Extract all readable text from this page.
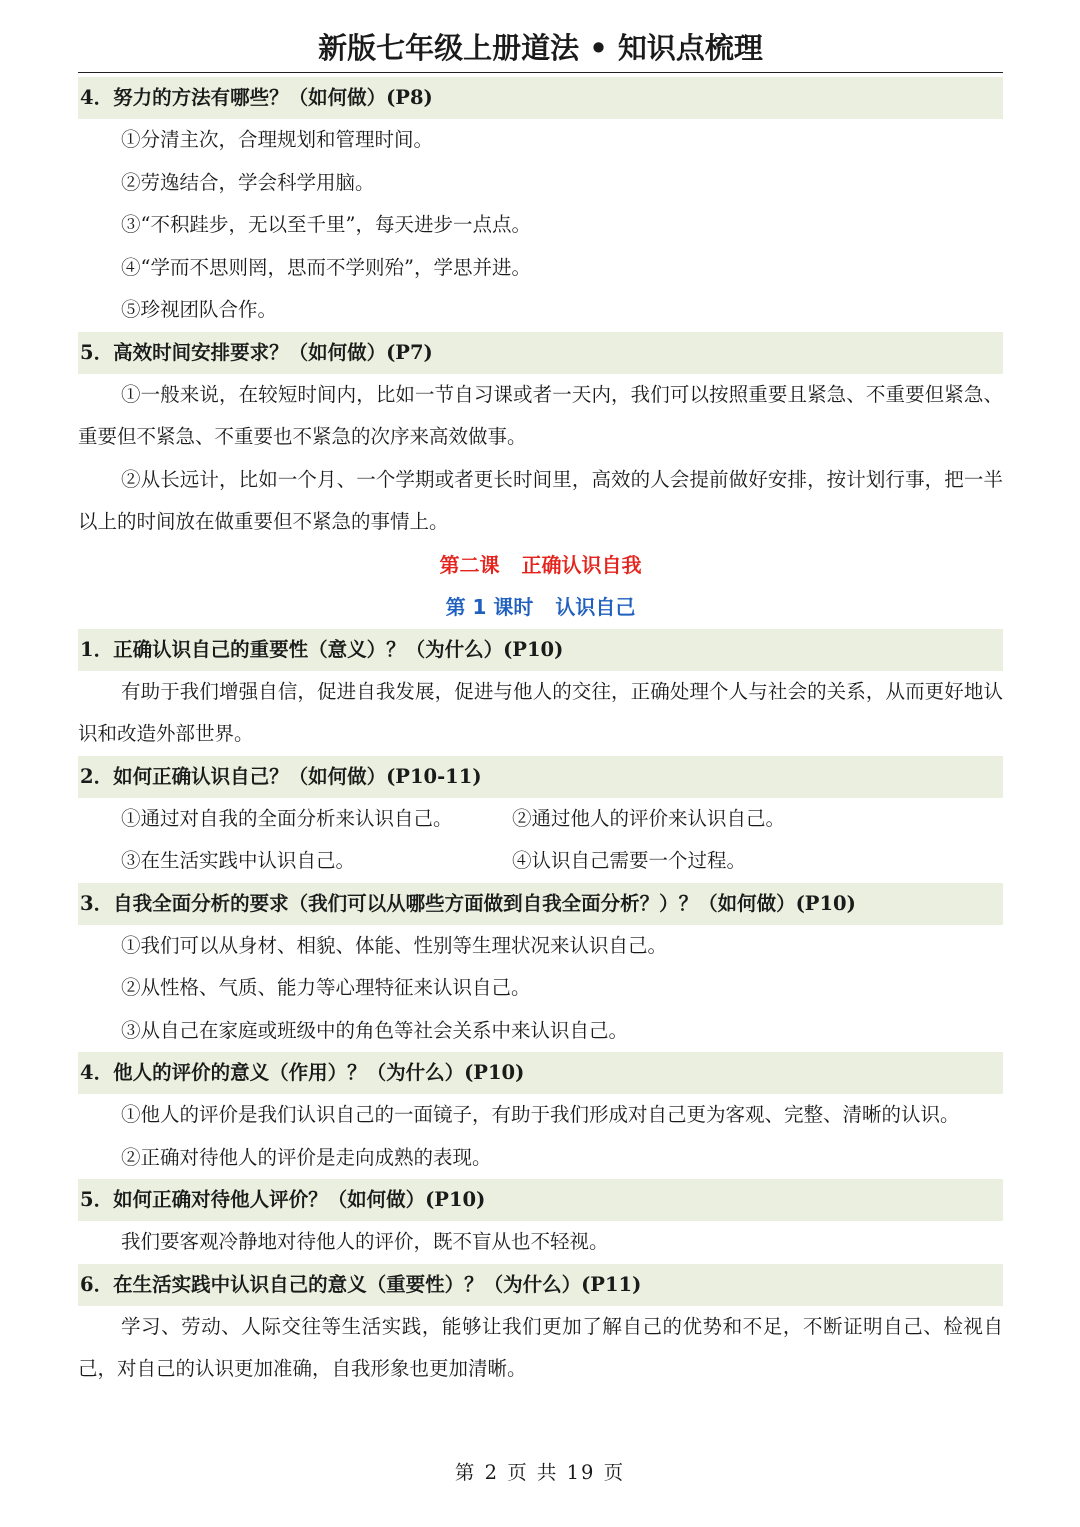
新版七年级上册道法 • 知识点梳理
4．努力的方法有哪些？（如何做）(P8)
①分清主次，合理规划和管理时间。
②劳逸结合，学会科学用脑。
③“不积跬步，无以至千里”，每天进步一点点。
④“学而不思则罔，思而不学则殆”，学思并进。
⑤珍视团队合作。
5．高效时间安排要求？（如何做）(P7)
①一般来说，在较短时间内，比如一节自习课或者一天内，我们可以按照重要且紧急、不重要但紧急、重要但不紧急、不重要也不紧急的次序来高效做事。
②从长远计，比如一个月、一个学期或者更长时间里，高效的人会提前做好安排，按计划行事，把一半以上的时间放在做重要但不紧急的事情上。
第二课 正确认识自我
第 1 课时 认识自己
1．正确认识自己的重要性（意义）？（为什么）(P10)
有助于我们增强自信，促进自我发展，促进与他人的交往，正确处理个人与社会的关系，从而更好地认识和改造外部世界。
2．如何正确认识自己？（如何做）(P10-11)
①通过对自我的全面分析来认识自己。	②通过他人的评价来认识自己。
③在生活实践中认识自己。	④认识自己需要一个过程。
3．自我全面分析的要求（我们可以从哪些方面做到自我全面分析？）？（如何做）(P10)
①我们可以从身材、相貌、体能、性别等生理状况来认识自己。
②从性格、气质、能力等心理特征来认识自己。
③从自己在家庭或班级中的角色等社会关系中来认识自己。
4．他人的评价的意义（作用）？（为什么）(P10)
①他人的评价是我们认识自己的一面镜子，有助于我们形成对自己更为客观、完整、清晰的认识。
②正确对待他人的评价是走向成熟的表现。
5．如何正确对待他人评价？（如何做）(P10)
我们要客观冷静地对待他人的评价，既不盲从也不轻视。
6．在生活实践中认识自己的意义（重要性）？（为什么）(P11)
学习、劳动、人际交往等生活实践，能够让我们更加了解自己的优势和不足，不断证明自己、检视自己，对自己的认识更加准确，自我形象也更加清晰。
第 2 页 共 19 页
